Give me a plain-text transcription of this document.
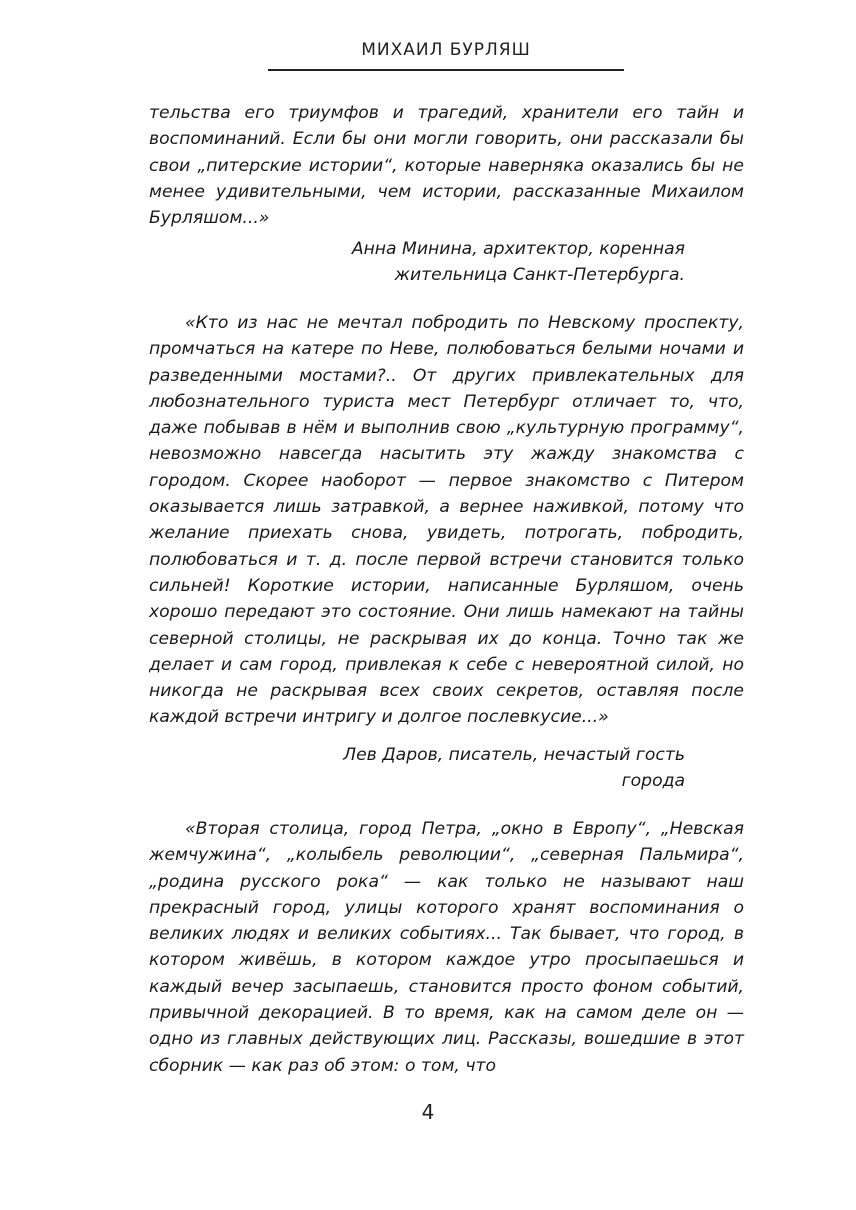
МИХАИЛ БУРЛЯШ

тельства его триумфов и трагедий, хранители его тайн и воспоминаний. Если бы они могли говорить, они рассказали бы свои „питерские истории“, которые наверняка оказались бы не менее удивительными, чем истории, рассказанные Михаилом Бурляшом...»

Анна Минина, архитектор, коренная
жительница Санкт-Петербурга.

«Кто из нас не мечтал побродить по Невскому проспекту, промчаться на катере по Неве, полюбоваться белыми ночами и разведенными мостами?.. От других привлекательных для любознательного туриста мест Петербург отличает то, что, даже побывав в нём и выполнив свою „культурную программу“, невозможно навсегда насытить эту жажду знакомства с городом. Скорее наоборот — первое знакомство с Питером оказывается лишь затравкой, а вернее наживкой, потому что желание приехать снова, увидеть, потрогать, побродить, полюбоваться и т. д. после первой встречи становится только сильней! Короткие истории, написанные Бурляшом, очень хорошо передают это состояние. Они лишь намекают на тайны северной столицы, не раскрывая их до конца. Точно так же делает и сам город, привлекая к себе с невероятной силой, но никогда не раскрывая всех своих секретов, оставляя после каждой встречи интригу и долгое послевкусие...»

Лев Даров, писатель, нечастый гость
города

«Вторая столица, город Петра, „окно в Европу“, „Невская жемчужина“, „колыбель революции“, „северная Пальмира“, „родина русского рока“ — как только не называют наш прекрасный город, улицы которого хранят воспоминания о великих людях и великих событиях... Так бывает, что город, в котором живёшь, в котором каждое утро просыпаешься и каждый вечер засыпаешь, становится просто фоном событий, привычной декорацией. В то время, как на самом деле он — одно из главных действующих лиц. Рассказы, вошедшие в этот сборник — как раз об этом: о том, что

4
